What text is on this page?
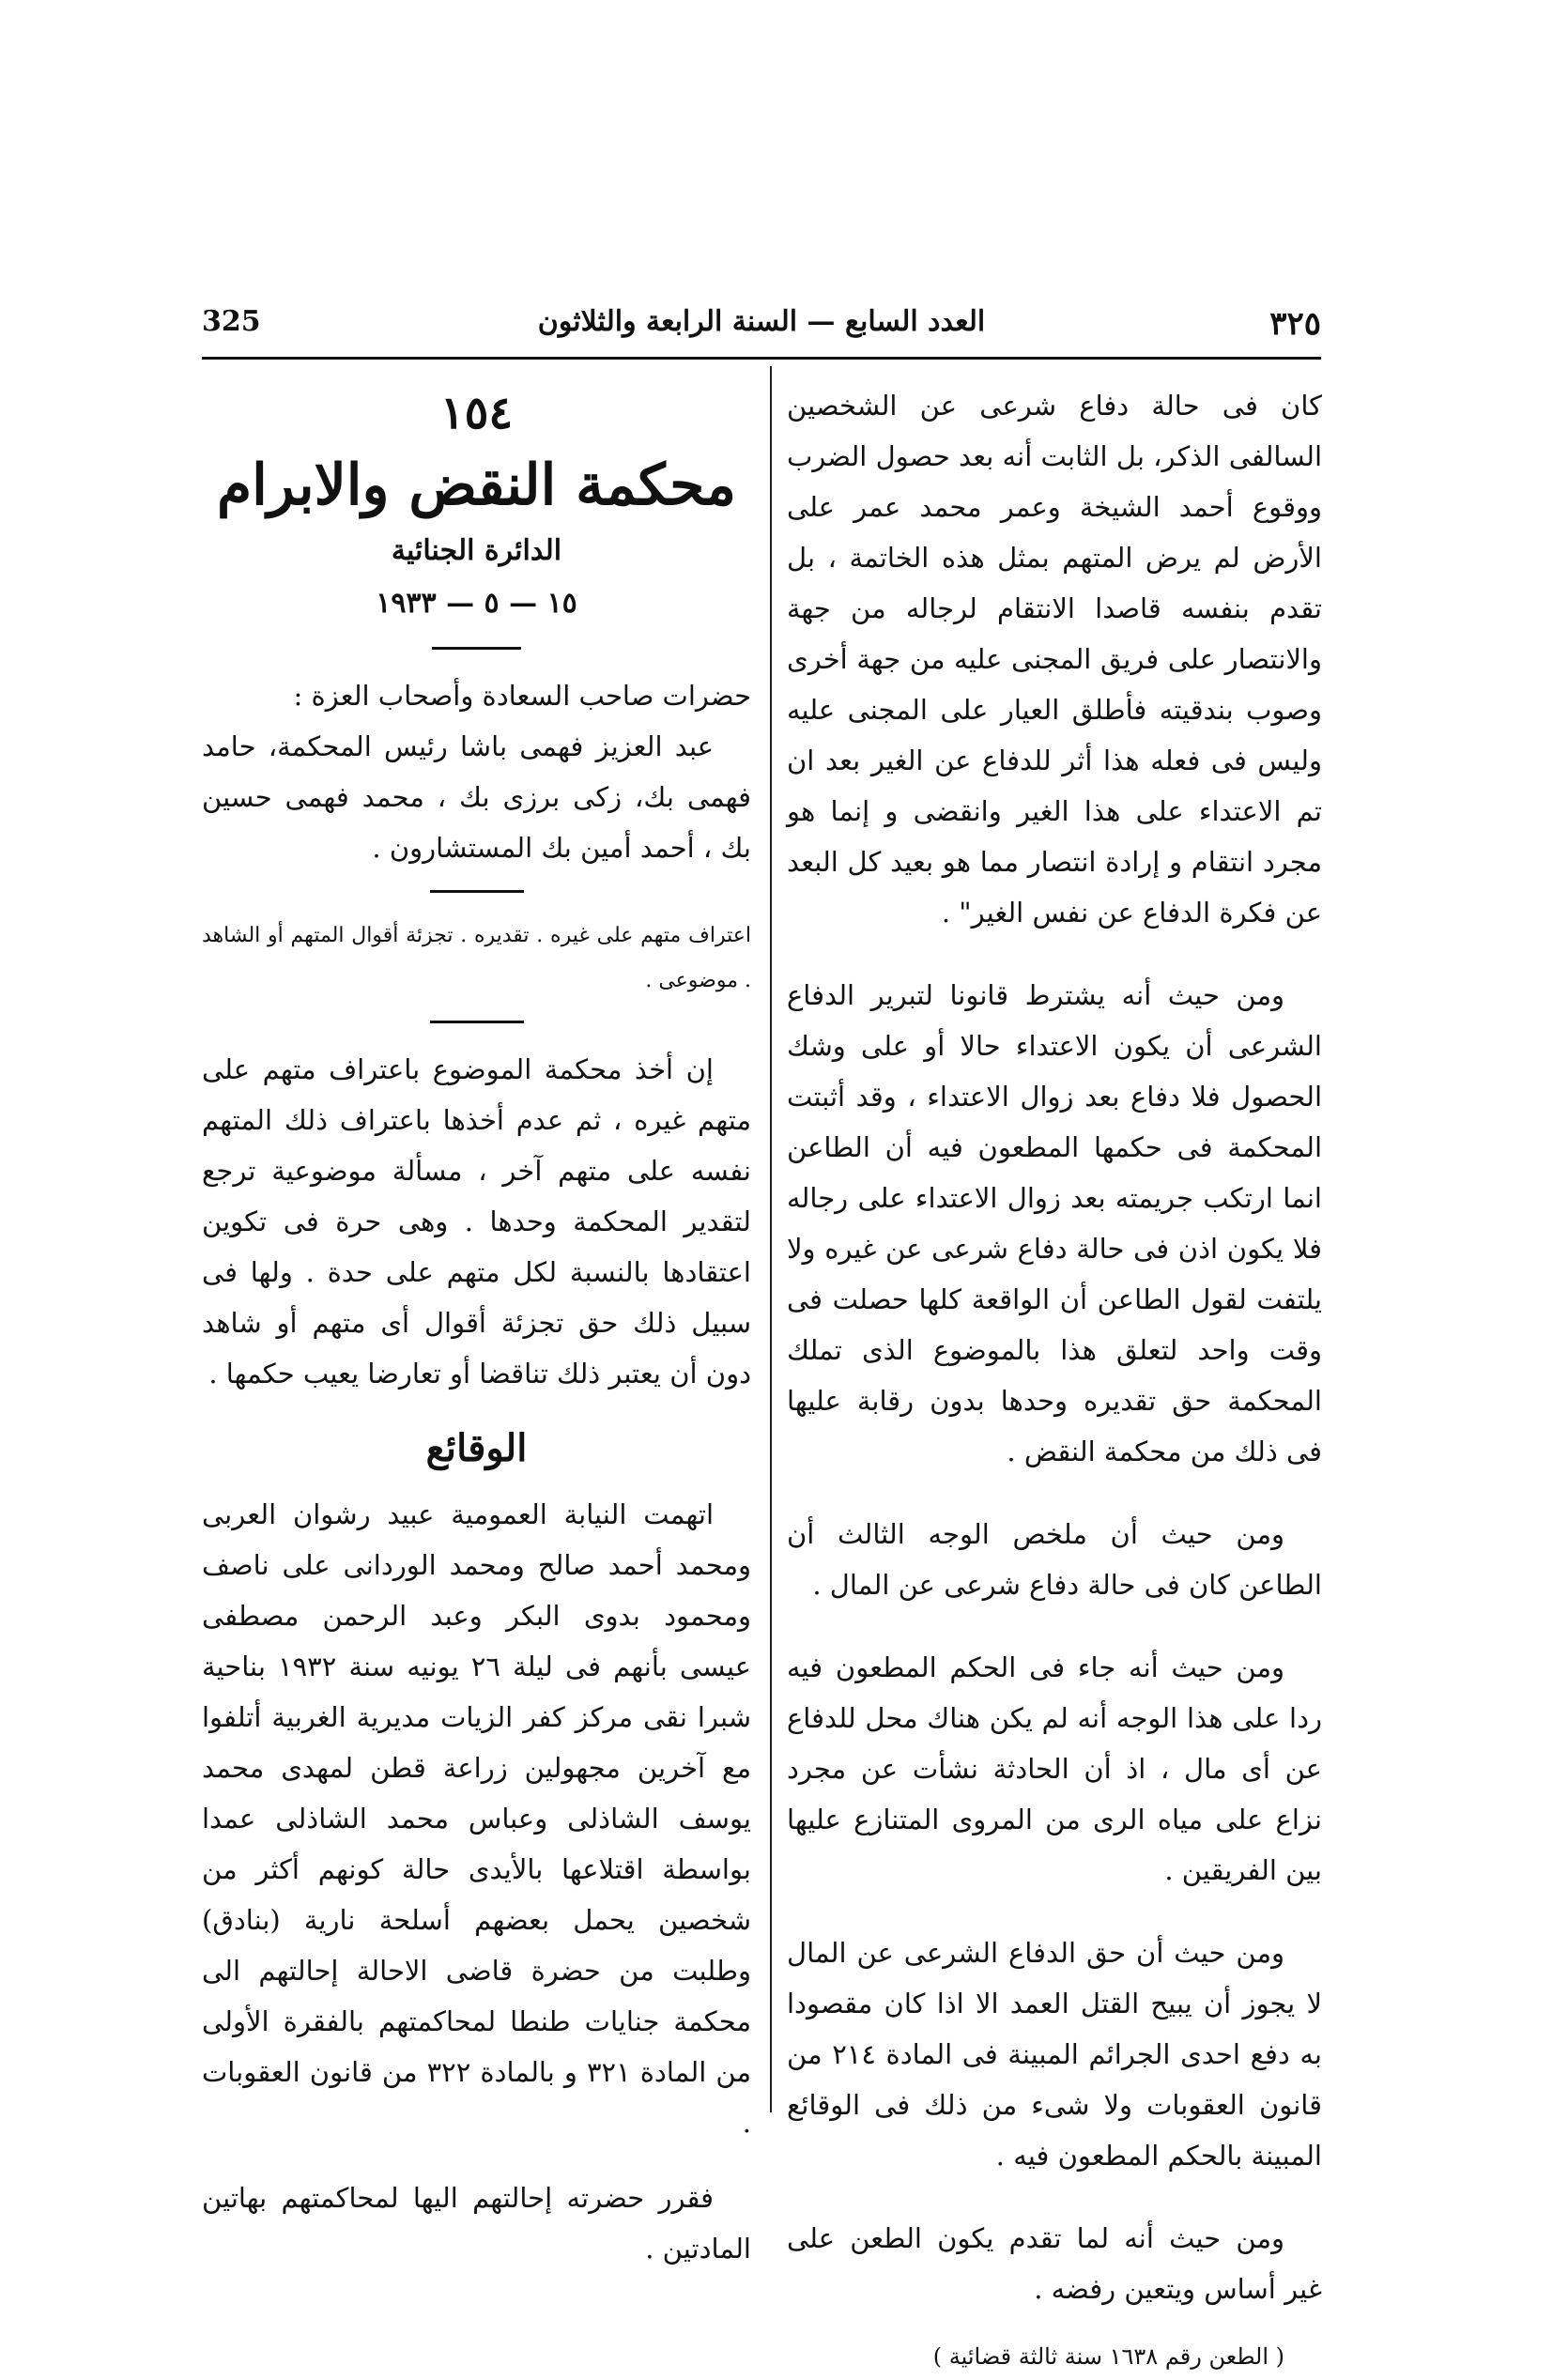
٣٢٥
العدد السابع — السنة الرابعة والثلاثون
325

كان فى حالة دفاع شرعى عن الشخصين السالفى الذكر، بل الثابت أنه بعد حصول الضرب ووقوع أحمد الشيخة وعمر محمد عمر على الأرض لم يرض المتهم بمثل هذه الخاتمة ، بل تقدم بنفسه قاصدا الانتقام لرجاله من جهة والانتصار على فريق المجنى عليه من جهة أخرى وصوب بندقيته فأطلق العيار على المجنى عليه وليس فى فعله هذا أثر للدفاع عن الغير بعد ان تم الاعتداء على هذا الغير وانقضى و إنما هو مجرد انتقام و إرادة انتصار مما هو بعيد كل البعد عن فكرة الدفاع عن نفس الغير" .

ومن حيث أنه يشترط قانونا لتبرير الدفاع الشرعى أن يكون الاعتداء حالا أو على وشك الحصول فلا دفاع بعد زوال الاعتداء ، وقد أثبتت المحكمة فى حكمها المطعون فيه أن الطاعن انما ارتكب جريمته بعد زوال الاعتداء على رجاله فلا يكون اذن فى حالة دفاع شرعى عن غيره ولا يلتفت لقول الطاعن أن الواقعة كلها حصلت فى وقت واحد لتعلق هذا بالموضوع الذى تملك المحكمة حق تقديره وحدها بدون رقابة عليها فى ذلك من محكمة النقض .

ومن حيث أن ملخص الوجه الثالث أن الطاعن كان فى حالة دفاع شرعى عن المال .

ومن حيث أنه جاء فى الحكم المطعون فيه ردا على هذا الوجه أنه لم يكن هناك محل للدفاع عن أى مال ، اذ أن الحادثة نشأت عن مجرد نزاع على مياه الرى من المروى المتنازع عليها بين الفريقين .

ومن حيث أن حق الدفاع الشرعى عن المال لا يجوز أن يبيح القتل العمد الا اذا كان مقصودا به دفع احدى الجرائم المبينة فى المادة ٢١٤ من قانون العقوبات ولا شىء من ذلك فى الوقائع المبينة بالحكم المطعون فيه .

ومن حيث أنه لما تقدم يكون الطعن على غير أساس ويتعين رفضه .

( الطعن رقم ١٦٣٨ سنة ثالثة قضائية )
١٥٤
محكمة النقض والابرام
الدائرة الجنائية
١٥ — ٥ — ١٩٣٣

حضرات صاحب السعادة وأصحاب العزة :

عبد العزيز فهمى باشا رئيس المحكمة، حامد فهمى بك، زكى برزى بك ، محمد فهمى حسين بك ، أحمد أمين بك المستشارون .

اعتراف متهم على غيره . تقديره . تجزئة أقوال المتهم أو الشاهد . موضوعى .

إن أخذ محكمة الموضوع باعتراف متهم على متهم غيره ، ثم عدم أخذها باعتراف ذلك المتهم نفسه على متهم آخر ، مسألة موضوعية ترجع لتقدير المحكمة وحدها . وهى حرة فى تكوين اعتقادها بالنسبة لكل متهم على حدة . ولها فى سبيل ذلك حق تجزئة أقوال أى متهم أو شاهد دون أن يعتبر ذلك تناقضا أو تعارضا يعيب حكمها .

الوقائع

اتهمت النيابة العمومية عبيد رشوان العربى ومحمد أحمد صالح ومحمد الوردانى على ناصف ومحمود بدوى البكر وعبد الرحمن مصطفى عيسى بأنهم فى ليلة ٢٦ يونيه سنة ١٩٣٢ بناحية شبرا نقى مركز كفر الزيات مديرية الغربية أتلفوا مع آخرين مجهولين زراعة قطن لمهدى محمد يوسف الشاذلى وعباس محمد الشاذلى عمدا بواسطة اقتلاعها بالأيدى حالة كونهم أكثر من شخصين يحمل بعضهم أسلحة نارية (بنادق) وطلبت من حضرة قاضى الاحالة إحالتهم الى محكمة جنايات طنطا لمحاكمتهم بالفقرة الأولى من المادة ٣٢١ و بالمادة ٣٢٢ من قانون العقوبات .

فقرر حضرته إحالتهم اليها لمحاكمتهم بهاتين المادتين .
